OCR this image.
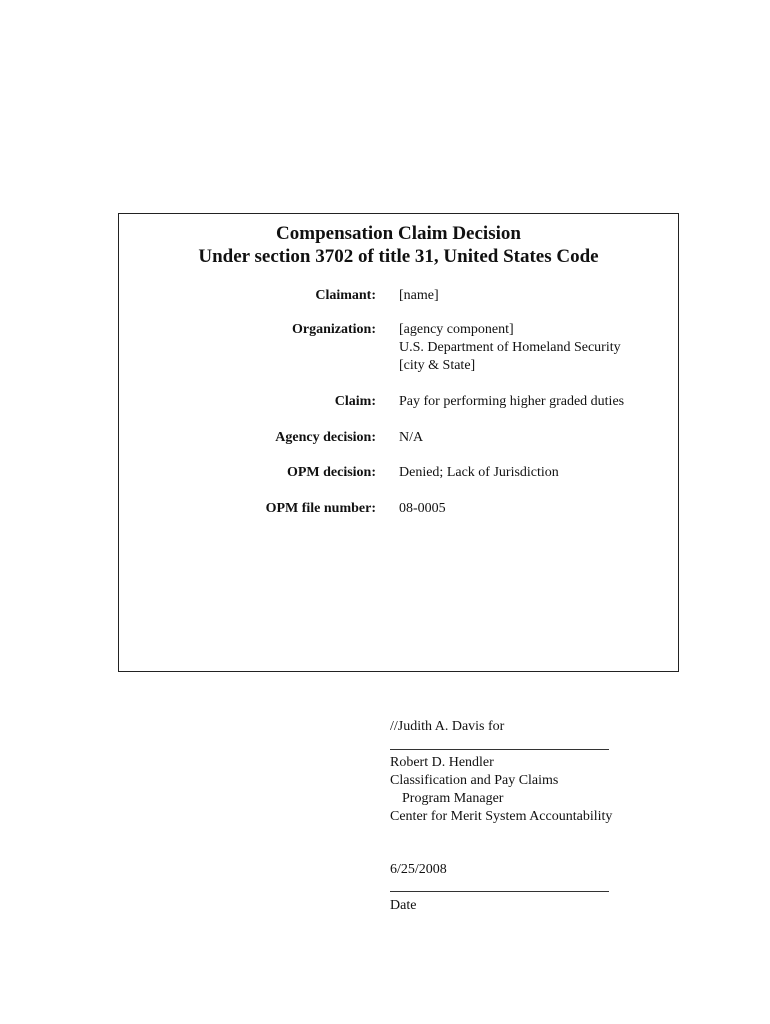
Compensation Claim Decision
Under section 3702 of title 31, United States Code
Claimant: [name]
Organization: [agency component]
U.S. Department of Homeland Security
[city & State]
Claim: Pay for performing higher graded duties
Agency decision: N/A
OPM decision: Denied; Lack of Jurisdiction
OPM file number: 08-0005
//Judith A. Davis for
Robert D. Hendler
Classification and Pay Claims
Program Manager
Center for Merit System Accountability
6/25/2008
Date
